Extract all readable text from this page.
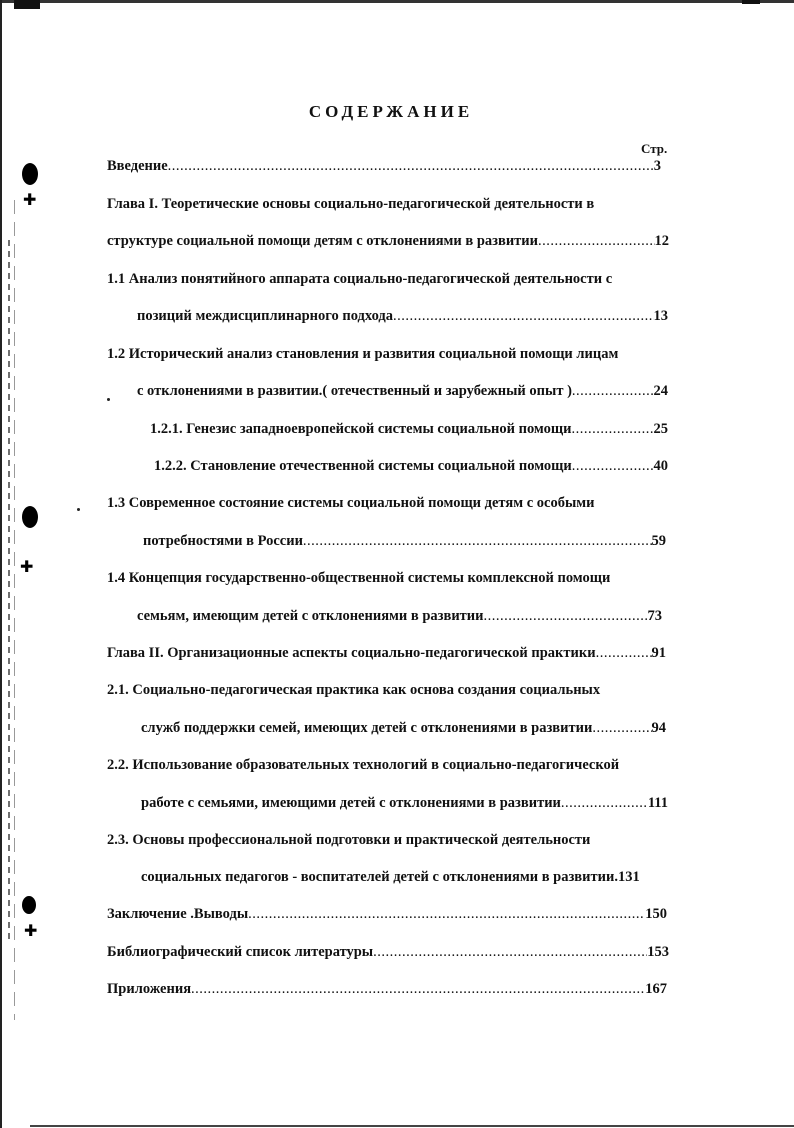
✚
✚
✚
СОДЕРЖАНИЕ
Стр.
Введение .....	3
Глава I. Теоретические основы социально-педагогической деятельности в
структуре социальной помощи детям с отклонениями в развитии .....	12
1.1 Анализ понятийного аппарата социально-педагогической деятельности с
позиций междисциплинарного подхода .....	13
1.2 Исторический анализ становления и развития социальной помощи лицам
с отклонениями в развитии.( отечественный и зарубежный опыт ) .....	24
1.2.1. Генезис западноевропейской системы социальной помощи .....	25
1.2.2. Становление отечественной системы социальной помощи .....	40
1.3 Современное состояние системы социальной помощи детям с особыми
потребностями в России .....	59
1.4 Концепция государственно-общественной системы комплексной помощи
семьям, имеющим детей с отклонениями в развитии .....	73
Глава II. Организационные аспекты социально-педагогической практики .....	91
2.1. Социально-педагогическая практика как основа создания социальных
служб поддержки семей, имеющих детей с отклонениями в развитии .....	94
2.2. Использование образовательных технологий в социально-педагогической
работе с семьями, имеющими детей с отклонениями в развитии .....	111
2.3. Основы профессиональной подготовки и практической деятельности
социальных педагогов - воспитателей детей с отклонениями в развитии. 131
Заключение .Выводы .....	150
Библиографический список литературы .....	153
Приложения .....	167
